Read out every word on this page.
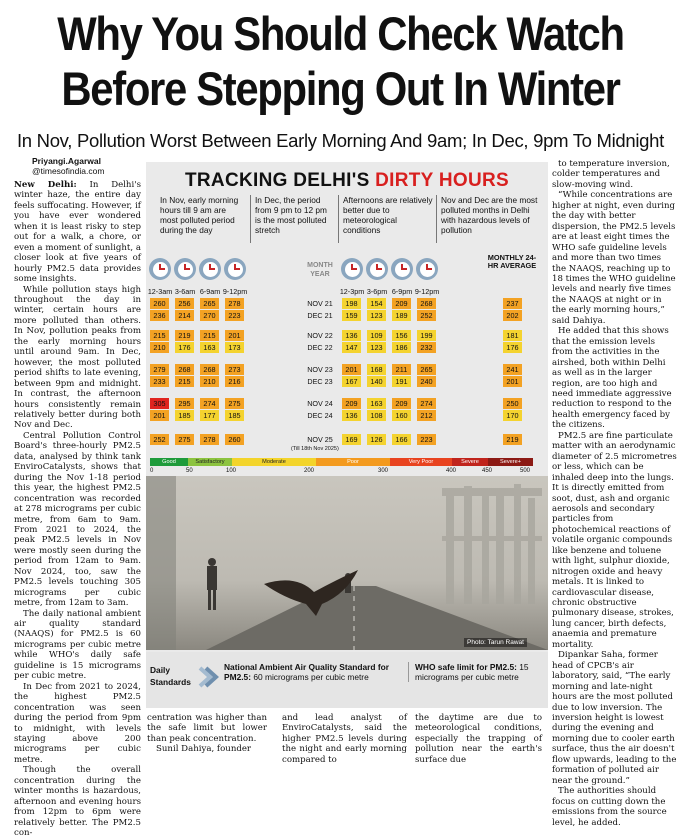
Why You Should Check Watch
Before Stepping Out In Winter
In Nov, Pollution Worst Between Early Morning And 9am; In Dec, 9pm To Midnight
Priyangi.Agarwal
@timesofindia.com

New Delhi: In Delhi's winter haze, the entire day feels suffocating. However, if you have ever wondered when it is least risky to step out for a walk, a chore, or even a moment of sunlight, a closer look at five years of hourly PM2.5 data provides some insights.

While pollution stays high throughout the day in winter, certain hours are more polluted than others. In Nov, pollution peaks from the early morning hours until around 9am. In Dec, however, the most polluted period shifts to late evening, between 9pm and midnight. In contrast, the afternoon hours consistently remain relatively better during both Nov and Dec.

Central Pollution Control Board's three-hourly PM2.5 data, analysed by think tank EnviroCatalysts, shows that during the Nov 1-18 period this year, the highest PM2.5 concentration was recorded at 278 micrograms per cubic metre, from 6am to 9am. From 2021 to 2024, the peak PM2.5 levels in Nov were mostly seen during the period from 12am to 9am. Nov 2024, too, saw the PM2.5 levels touching 305 micrograms per cubic metre, from 12am to 3am.

The daily national ambient air quality standard (NAAQS) for PM2.5 is 60 micrograms per cubic metre while WHO's daily safe guideline is 15 micrograms per cubic metre.

In Dec from 2021 to 2024, the highest PM2.5 concentration was seen during the period from 9pm to midnight, with levels staying above 200 micrograms per cubic metre.

Though the overall concentration during the winter months is hazardous, afternoon and evening hours from 12pm to 6pm were relatively better. The PM2.5 con-

centration was higher than the safe limit but lower than peak concentration.

Sunil Dahiya, founder

and lead analyst of EnviroCatalysts, said the higher PM2.5 levels during the night and early morning compared to
the daytime are due to meteorological conditions, especially the trapping of pollution near the earth's surface due

to temperature inversion, colder temperatures and slow-moving wind.

“While concentrations are higher at night, even during the day with better dispersion, the PM2.5 levels are at least eight times the WHO safe guideline levels and more than two times the NAAQS, reaching up to 18 times the WHO guideline levels and nearly five times the NAAQS at night or in the early morning hours,” said Dahiya.

He added that this shows that the emission levels from the activities in the airshed, both within Delhi as well as in the larger region, are too high and need immediate aggressive reduction to respond to the health emergency faced by the citizens.

PM2.5 are fine particulate matter with an aerodynamic diameter of 2.5 micrometres or less, which can be inhaled deep into the lungs. It is directly emitted from soot, dust, ash and organic aerosols and secondary particles from photochemical reactions of volatile organic compounds like benzene and toluene with light, sulphur dioxide, nitrogen oxide and heavy metals. It is linked to cardiovascular disease, chronic obstructive pulmonary disease, strokes, lung cancer, birth defects, anaemia and premature mortality.

Dipankar Saha, former head of CPCB's air laboratory, said, “The early morning and late-night hours are the most polluted due to low inversion. The inversion height is lowest during the evening and morning due to cooler earth surface, thus the air doesn't flow upwards, leading to the formation of polluted air near the ground.”

The authorities should focus on cutting down the emissions from the source level, he added.

TRACKING DELHI'S DIRTY HOURS
In Nov, early morning hours till 9 am are most polluted period during the day
In Dec, the period from 9 pm to 12 pm is the most polluted stretch
Afternoons are relatively better due to meteorological conditions
Nov and Dec are the most polluted months in Delhi with hazardous levels of pollution
MONTH YEAR
MONTHLY 24-HR AVERAGE
12-3am 3-6am 6-9am 9-12pm	12-3pm 3-6pm 6-9pm 9-12pm
260	256	265	278	198	154	209	268	237
NOV 21
236	214	270	223	159	123	189	252	202
DEC 21
215	219	215	201	136	109	156	199	181
NOV 22
210	176	163	173	147	123	186	232	176
DEC 22
279	268	268	273	201	168	211	265	241
NOV 23
233	215	210	216	167	140	191	240	201
DEC 23
305	295	274	275	209	163	209	274	250
NOV 24
201	185	177	185	136	108	160	212	170
DEC 24
252	275	278	260	169	126	166	223	219
NOV 25
(Till 18th Nov 2025)
Good	Satisfactory	Moderate	Poor	Very Poor	Severe	Severe+
0	50	100	200	300	400	450	500
Photo: Tarun Rawat
Daily Standards
National Ambient Air Quality Standard for PM2.5: 60 micrograms per cubic metre
WHO safe limit for PM2.5: 15 micrograms per cubic metre
